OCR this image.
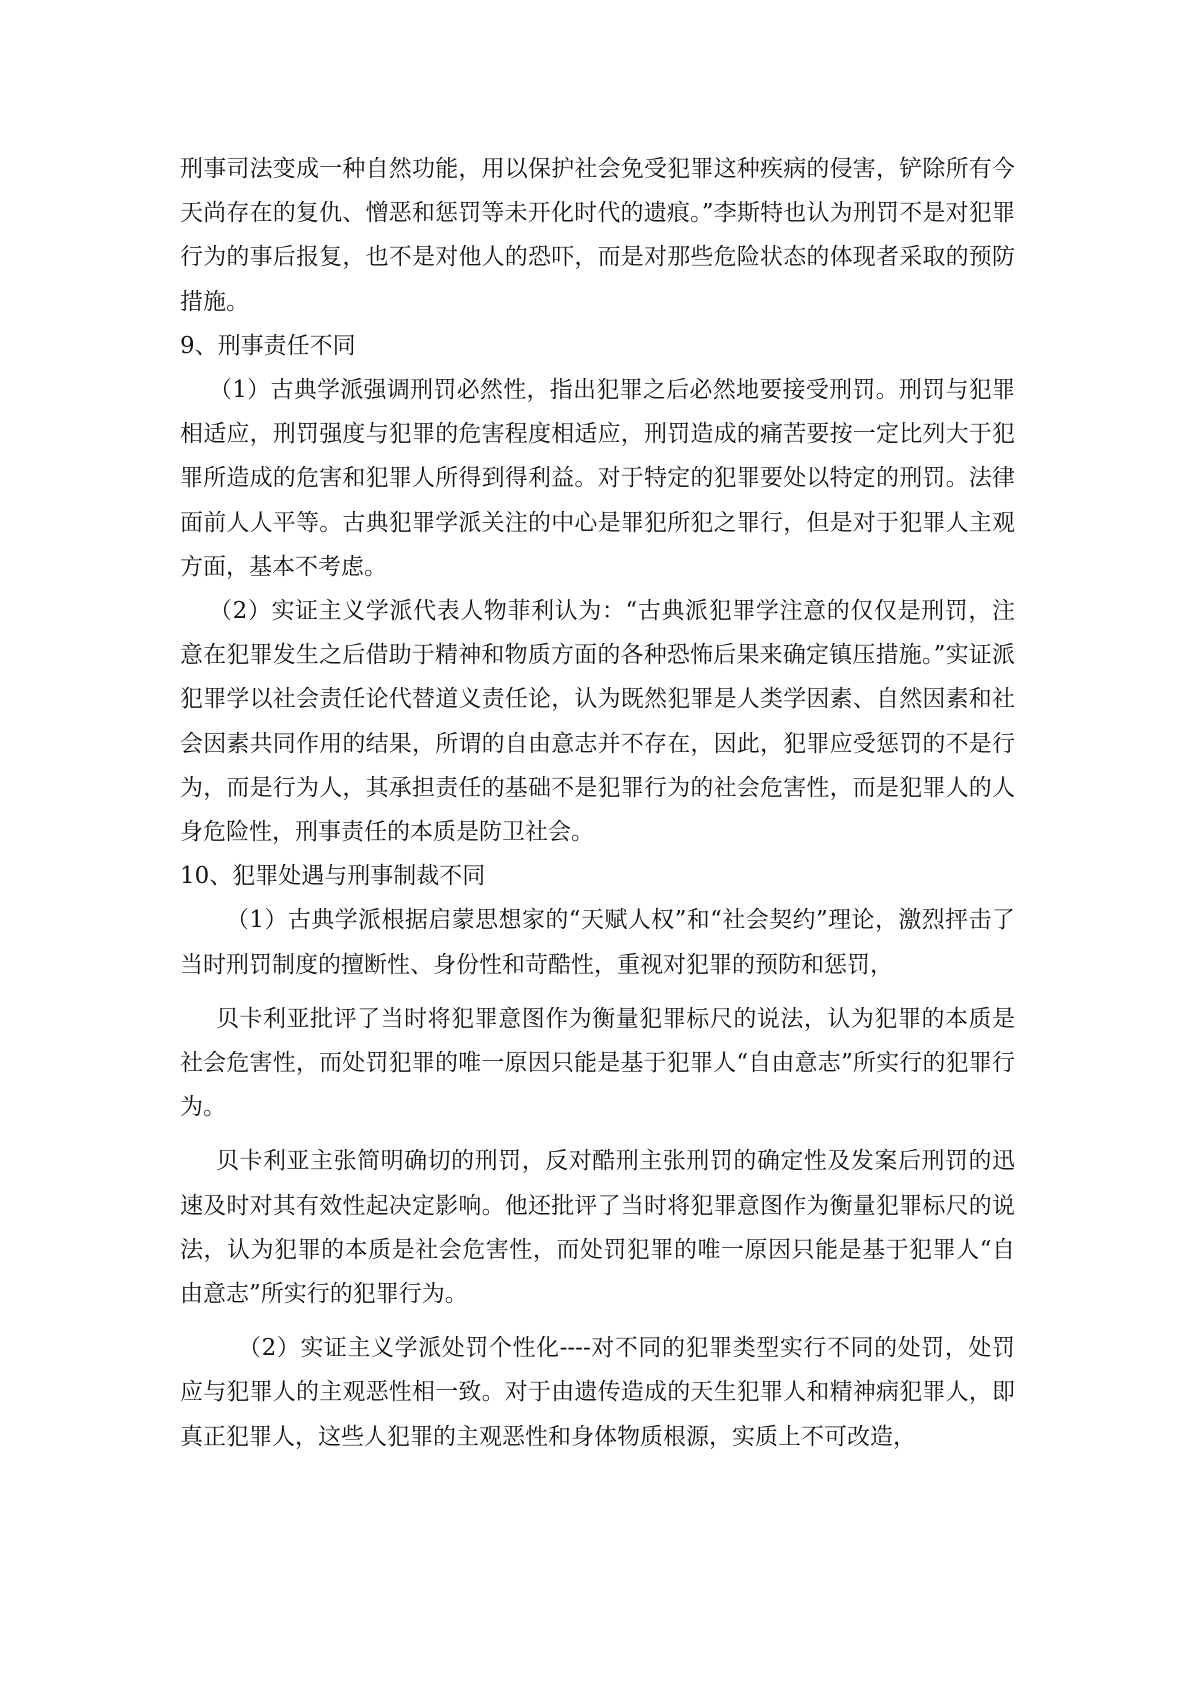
刑事司法变成一种自然功能，用以保护社会免受犯罪这种疾病的侵害，铲除所有今天尚存在的复仇、憎恶和惩罚等未开化时代的遗痕。”李斯特也认为刑罚不是对犯罪行为的事后报复，也不是对他人的恐吓，而是对那些危险状态的体现者采取的预防措施。

9、刑事责任不同

（1）古典学派强调刑罚必然性，指出犯罪之后必然地要接受刑罚。刑罚与犯罪相适应，刑罚强度与犯罪的危害程度相适应，刑罚造成的痛苦要按一定比列大于犯罪所造成的危害和犯罪人所得到得利益。对于特定的犯罪要处以特定的刑罚。法律面前人人平等。古典犯罪学派关注的中心是罪犯所犯之罪行，但是对于犯罪人主观方面，基本不考虑。

（2）实证主义学派代表人物菲利认为：“古典派犯罪学注意的仅仅是刑罚，注意在犯罪发生之后借助于精神和物质方面的各种恐怖后果来确定镇压措施。”实证派犯罪学以社会责任论代替道义责任论，认为既然犯罪是人类学因素、自然因素和社会因素共同作用的结果，所谓的自由意志并不存在，因此，犯罪应受惩罚的不是行为，而是行为人，其承担责任的基础不是犯罪行为的社会危害性，而是犯罪人的人身危险性，刑事责任的本质是防卫社会。

10、犯罪处遇与刑事制裁不同

（1）古典学派根据启蒙思想家的“天赋人权”和“社会契约”理论，激烈抨击了当时刑罚制度的擅断性、身份性和苛酷性，重视对犯罪的预防和惩罚，

贝卡利亚批评了当时将犯罪意图作为衡量犯罪标尺的说法，认为犯罪的本质是社会危害性，而处罚犯罪的唯一原因只能是基于犯罪人“自由意志”所实行的犯罪行为。

贝卡利亚主张简明确切的刑罚，反对酷刑主张刑罚的确定性及发案后刑罚的迅速及时对其有效性起决定影响。他还批评了当时将犯罪意图作为衡量犯罪标尺的说法，认为犯罪的本质是社会危害性，而处罚犯罪的唯一原因只能是基于犯罪人“自由意志”所实行的犯罪行为。

（2）实证主义学派处罚个性化----对不同的犯罪类型实行不同的处罚，处罚应与犯罪人的主观恶性相一致。对于由遗传造成的天生犯罪人和精神病犯罪人，即真正犯罪人，这些人犯罪的主观恶性和身体物质根源，实质上不可改造，
